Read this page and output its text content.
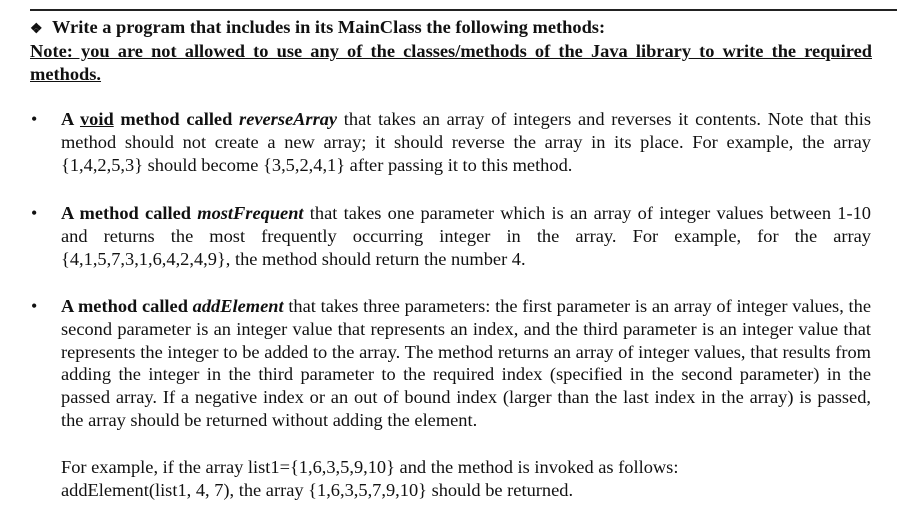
❖ Write a program that includes in its MainClass the following methods:
Note: you are not allowed to use any of the classes/methods of the Java library to write the required methods.
• A void method called reverseArray that takes an array of integers and reverses it contents. Note that this method should not create a new array; it should reverse the array in its place. For example, the array {1,4,2,5,3} should become {3,5,2,4,1} after passing it to this method.
• A method called mostFrequent that takes one parameter which is an array of integer values between 1-10 and returns the most frequently occurring integer in the array. For example, for the array {4,1,5,7,3,1,6,4,2,4,9}, the method should return the number 4.
• A method called addElement that takes three parameters: the first parameter is an array of integer values, the second parameter is an integer value that represents an index, and the third parameter is an integer value that represents the integer to be added to the array. The method returns an array of integer values, that results from adding the integer in the third parameter to the required index (specified in the second parameter) in the passed array. If a negative index or an out of bound index (larger than the last index in the array) is passed, the array should be returned without adding the element.
For example, if the array list1={1,6,3,5,9,10} and the method is invoked as follows:
addElement(list1, 4, 7), the array {1,6,3,5,7,9,10} should be returned.
